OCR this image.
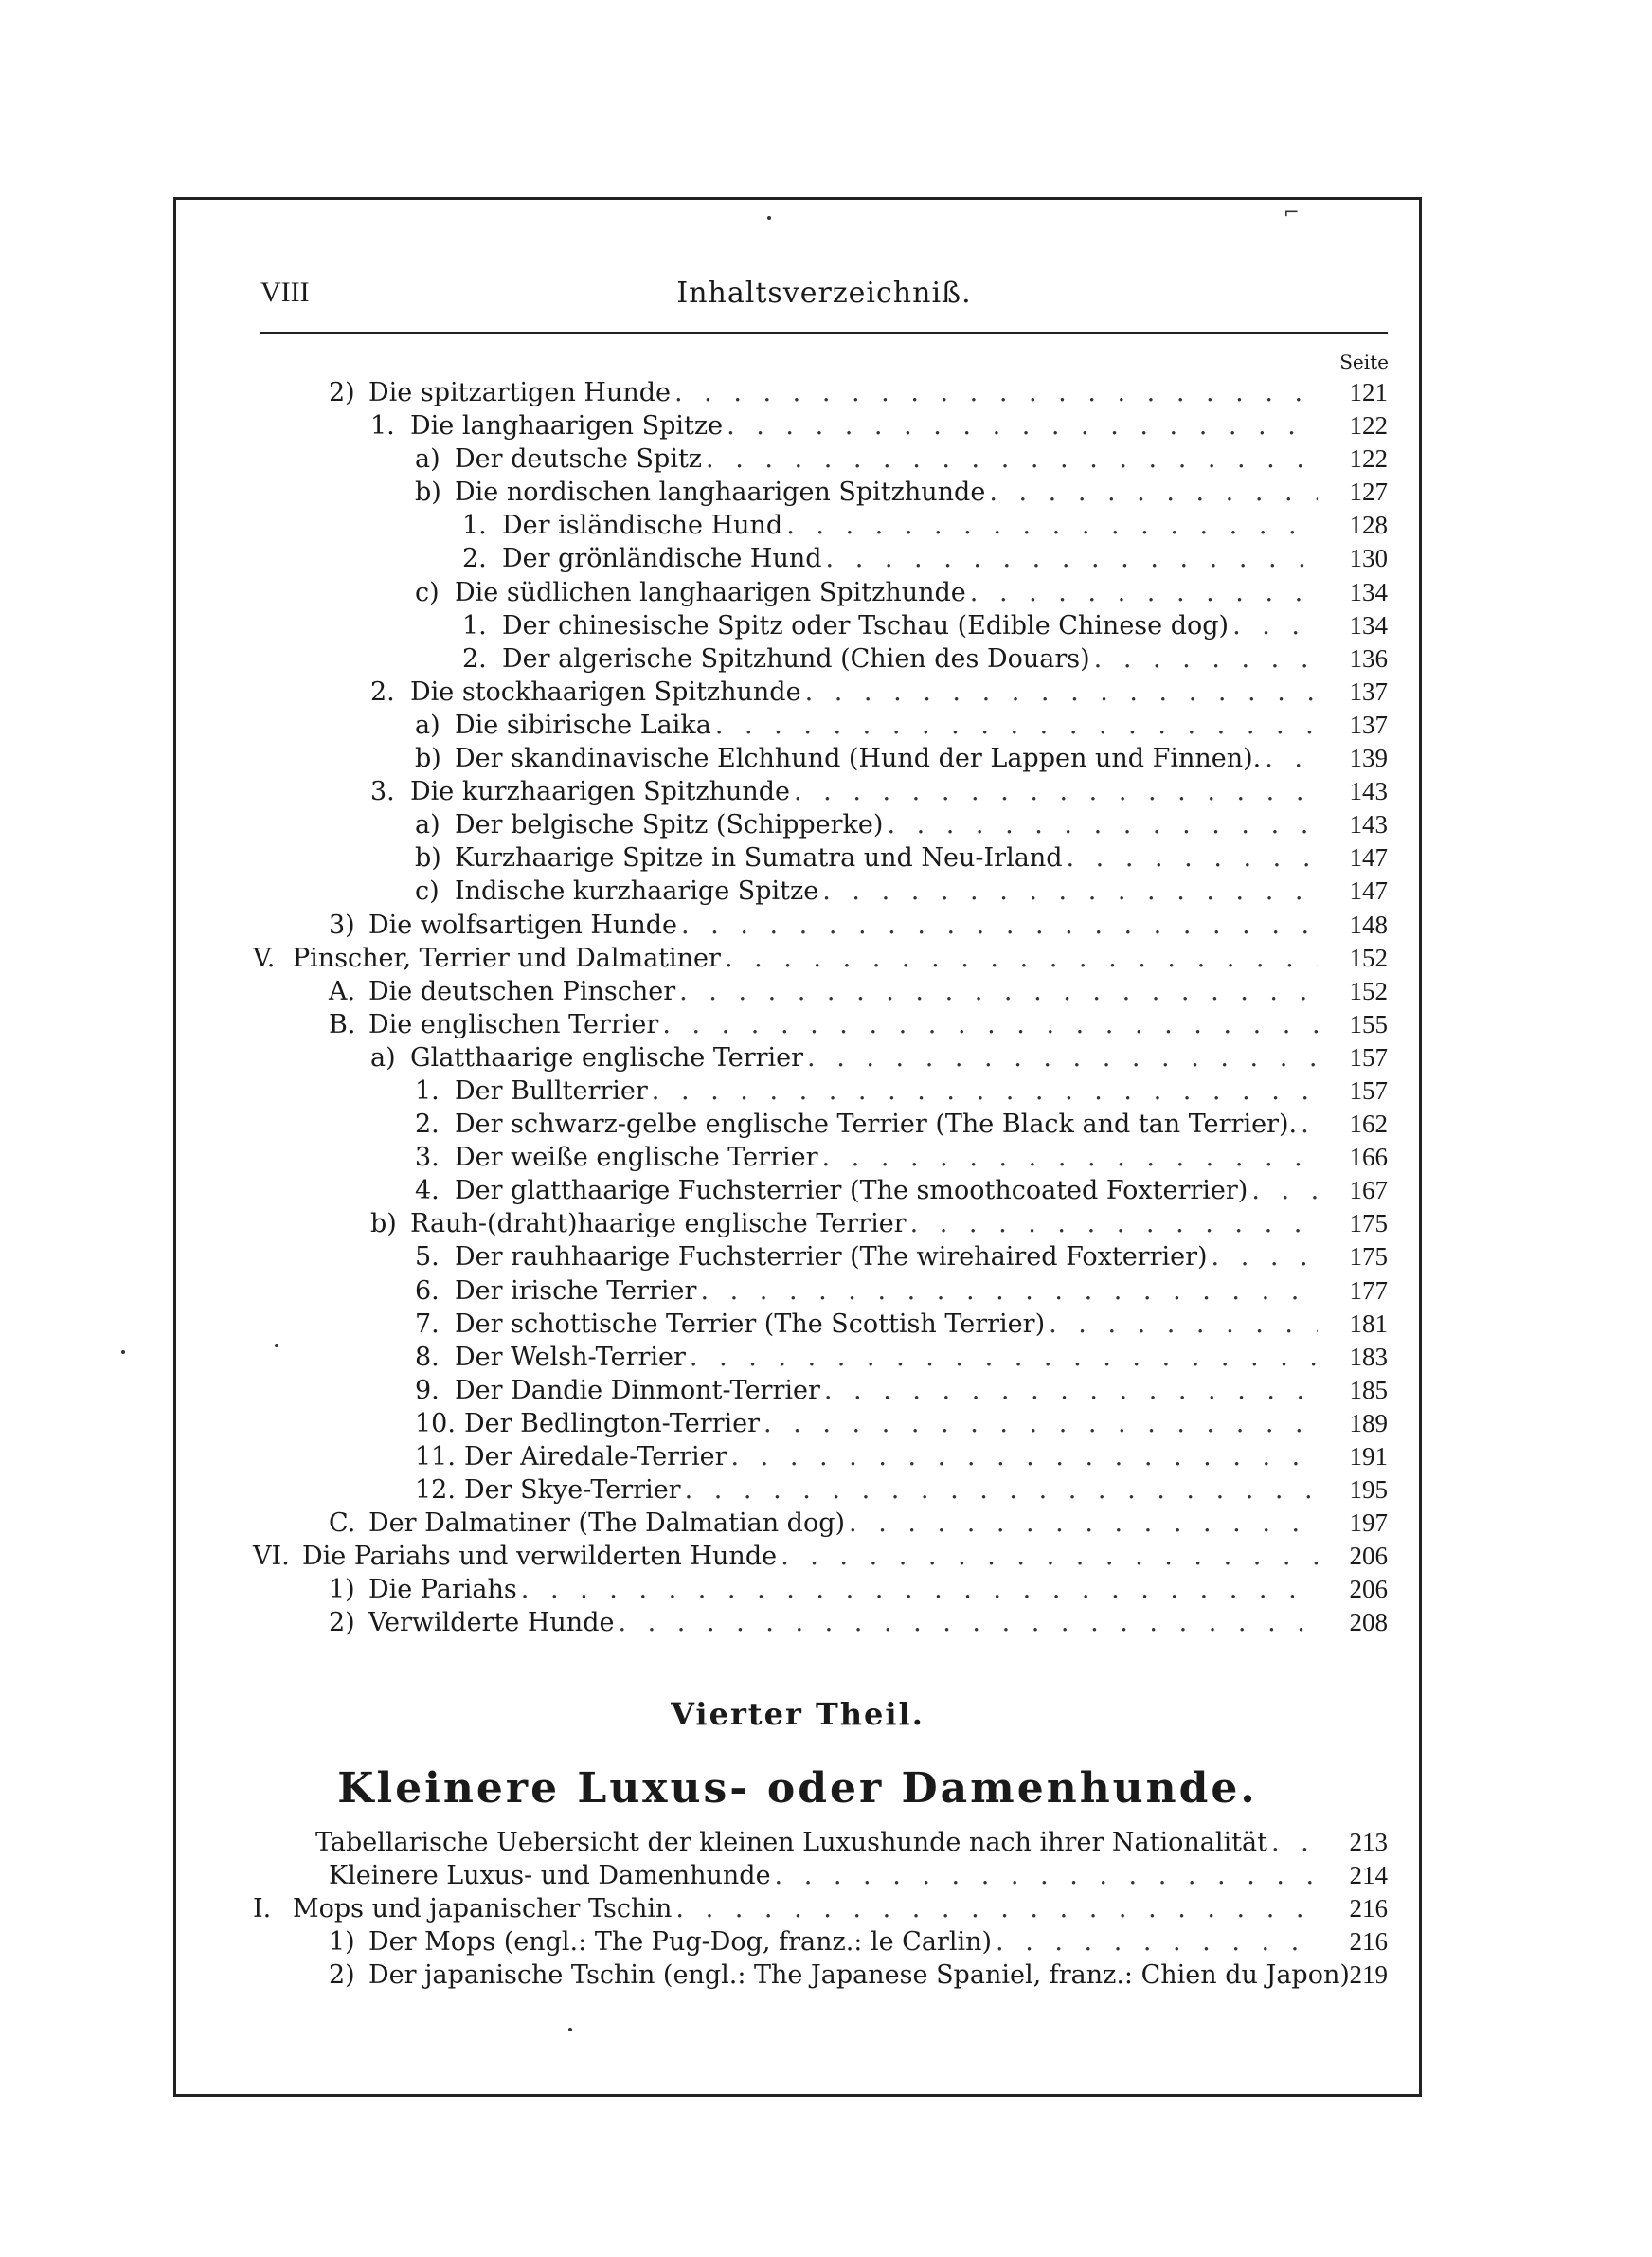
⌐
VIII	Inhaltsverzeichniß.
Seite
2) Die spitzartigen Hunde . . .	121
1. Die langhaarigen Spitze . . .	122
a) Der deutsche Spitz . . .	122
b) Die nordischen langhaarigen Spitzhunde . . .	127
1. Der isländische Hund . . .	128
2. Der grönländische Hund . . .	130
c) Die südlichen langhaarigen Spitzhunde . . .	134
1. Der chinesische Spitz oder Tschau (Edible Chinese dog) . . .	134
2. Der algerische Spitzhund (Chien des Douars) . . .	136
2. Die stockhaarigen Spitzhunde . . .	137
a) Die sibirische Laika . . .	137
b) Der skandinavische Elchhund (Hund der Lappen und Finnen). . . .	139
3. Die kurzhaarigen Spitzhunde . . .	143
a) Der belgische Spitz (Schipperke) . . .	143
b) Kurzhaarige Spitze in Sumatra und Neu-Irland . . .	147
c) Indische kurzhaarige Spitze . . .	147
3) Die wolfsartigen Hunde . . .	148
V. Pinscher, Terrier und Dalmatiner . . .	152
A. Die deutschen Pinscher . . .	152
B. Die englischen Terrier . . .	155
a) Glatthaarige englische Terrier . . .	157
1. Der Bullterrier . . .	157
2. Der schwarz-gelbe englische Terrier (The Black and tan Terrier). . . .	162
3. Der weiße englische Terrier . . .	166
4. Der glatthaarige Fuchsterrier (The smoothcoated Foxterrier) . . .	167
b) Rauh-(draht)haarige englische Terrier . . .	175
5. Der rauhhaarige Fuchsterrier (The wirehaired Foxterrier) . . .	175
6. Der irische Terrier . . .	177
7. Der schottische Terrier (The Scottish Terrier) . . .	181
8. Der Welsh-Terrier . . .	183
9. Der Dandie Dinmont-Terrier . . .	185
10. Der Bedlington-Terrier . . .	189
11. Der Airedale-Terrier . . .	191
12. Der Skye-Terrier . . .	195
C. Der Dalmatiner (The Dalmatian dog) . . .	197
VI. Die Pariahs und verwilderten Hunde . . .	206
1) Die Pariahs . . .	206
2) Verwilderte Hunde . . .	208
Vierter Theil.
Kleinere Luxus- oder Damenhunde.
Tabellarische Uebersicht der kleinen Luxushunde nach ihrer Nationalität . . .	213
Kleinere Luxus- und Damenhunde . . .	214
I. Mops und japanischer Tschin . . .	216
1) Der Mops (engl.: The Pug-Dog, franz.: le Carlin) . . .	216
2) Der japanische Tschin (engl.: The Japanese Spaniel, franz.: Chien du Japon) 219
